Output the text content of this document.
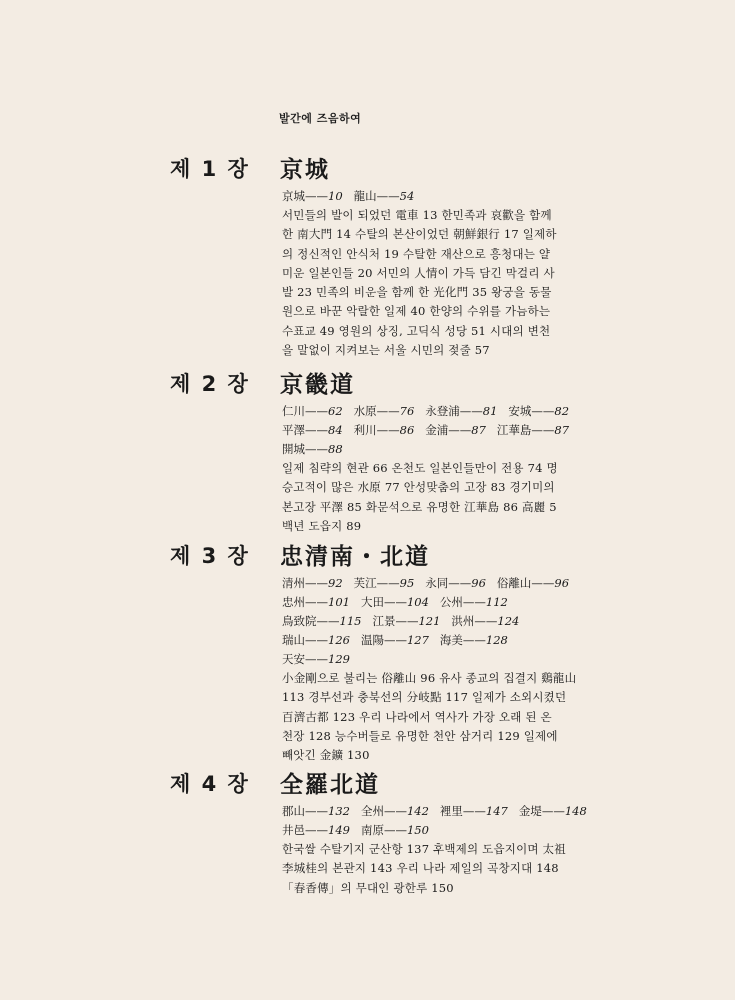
발간에 즈음하여
제 1 장 京城
京城——10 龍山——54
서민들의 발이 되었던 電車 13 한민족과 哀歡을 함께
한 南大門 14 수탈의 본산이었던 朝鮮銀行 17 일제하
의 정신적인 안식처 19 수탈한 재산으로 흥청대는 얄
미운 일본인들 20 서민의 人情이 가득 담긴 막걸리 사
발 23 민족의 비운을 함께 한 光化門 35 왕궁을 동물
원으로 바꾼 악랄한 일제 40 한양의 수위를 가늠하는
수표교 49 영원의 상징, 고딕식 성당 51 시대의 변천
을 말없이 지켜보는 서울 시민의 젖줄 57
제 2 장 京畿道
仁川——62 水原——76 永登浦——81 安城——82
平澤——84 利川——86 金浦——87 江華島——87
開城——88
일제 침략의 현관 66 온천도 일본인들만이 전용 74 명
승고적이 많은 水原 77 안성맞춤의 고장 83 경기미의
본고장 平澤 85 화문석으로 유명한 江華島 86 高麗 5
백년 도읍지 89
제 3 장 忠清南・北道
清州——92 芙江——95 永同——96 俗離山——96
忠州——101 大田——104 公州——112
鳥致院——115 江景——121 洪州——124
瑞山——126 温陽——127 海美——128
天安——129
小金剛으로 불리는 俗離山 96 유사 종교의 집결지 鷄龍山
113 경부선과 충북선의 分岐點 117 일제가 소외시켰던
百濟古都 123 우리 나라에서 역사가 가장 오래 된 온
천장 128 능수버들로 유명한 천안 삼거리 129 일제에
빼앗긴 金鑛 130
제 4 장 全羅北道
郡山——132 全州——142 裡里——147 金堤——148
井邑——149 南原——150
한국쌀 수탈기지 군산항 137 후백제의 도읍지이며 太祖
李城桂의 본관지 143 우리 나라 제일의 곡창지대 148
「春香傳」의 무대인 광한루 150
